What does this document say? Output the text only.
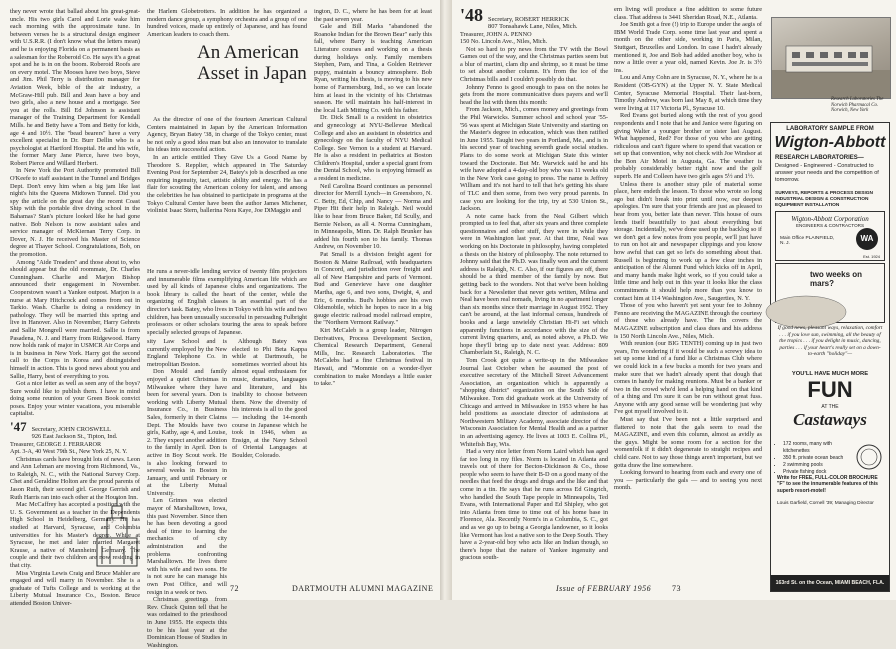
they never wrote that ballad about his great-great-uncle. His two girls Carol and Lorie wake him each morning with the approximate tune. In between verses he is a structural design engineer with U.S.R.R. (I don't know what the letters mean) and he is enjoying Florida on a permanent basis as a salesman for the Roberoid Co. He says it's a great spot and he is in on the boom. Roberoid Roofs are on every motel. The Mooses have two boys, Steve and Jim. Phil Terry is distribution manager for Aviation Week, bible of the air industry, a McGraw-Hill pub. Bill and Jean have a boy and two girls, also a new house and a mortgage. See you at the rolls. Bill Ed Johnson is assistant manager of the Training Department for Kendall Mills. he and Betty have a Tom and Betty for kids, age 4 and 10½. The "bead bearers" have a very excellent specialist in Dr. Burr Dellin who is a psychologist at Hartford Hospital. He and his wife, the former Mary Jane Pierce, have two boys, Robert Pierce and Willard Herbert.

In New York the Port Authority promoted Bill O'Keefe to staff assistant in the Tunnel and Bridges Dept. Don't envy him when a big jam like last night's hits the Queens Midtown Tunnel. Did you spy the article on the great day the recent Coast Ship with the portable dive diving school in the Bahamas? Stan's picture looked like he had gone native. Bob Nelson is now assistant sales and service manager of McKiernan Terry Corp. in Dover, N. J. He received his Master of Science degree at Thayer School. Congratulations, Bob, on the promotion.

Among "Aide Treaders" and those about to, who should appear but the old roommate, Dr. Charles Cunningham. Charlie and Marjon Bishop announced their engagement in November. Cooperstown wasn't a Yankee outpost. Marjon is a nurse at Mary Hitchcock and comes from out in Tarkio. Wash. Charlie is doing a residency in pathology. They will be married this spring and live in Hanover. Also in November, Harry Gehrets and Sallie Mongrell were married. Sallie is from Pasadena, N. J. and Harry from Ridgewood. Harry now holds rank of major in USMCR Air Corps and is in business in New York. Harry got the second call to the Corps in Korea and distinguished himself in action. This is good news about you and Sallie, Harry, best of everything to you.

Got a nice letter as well as seen any of the boys? Sure would like to publish them. I have in mind doing some reunion of your Green Book convict poses. Enjoy your winter vacations, you miserable capitalist.

'47 Secretary, JOHN CROSWELL
926 East Jackson St., Tipton, Ind.

Treasurer, GEORGE J. FERRAROR

Apt. 3-A, 40 West 79th St., New York 25, N. Y.

Christmas cards have brought lots of news. Leon and Ann Lehman are moving from Richmond, Va., to Raleigh, N. C., with the National Survey Corp. Chet and Geraldine Holton are the proud parents of Jason Ruth, their second girl. George Gerrish and Ruth Harris ran into each other at the Houston Inn.

Mac McCaffrey has accepted a position with the U. S. Government as a teacher in the Dependents High School in Heidelberg, Germany. He has studied at Harvard, Syracuse, and Columbia universities for his Master's degree. While at Syracuse, he met and later married Margaret Krause, a native of Mannheim, Germany. The couple and their two children are now residing in that city.

Miss Virginia Lewis Craig and Bruce Mahler are engaged and will marry in November. She is a graduate of Tufts College and is working at the Liberty Mutual Insurance Co., Boston. Bruce attended Boston Univer-

the Harlem Globetrotters. In addition he has organized a modern dance group, a symphony orchestra and a group of one hundred voices, made up entirely of Japanese, and has found American leaders to coach them.

An American Asset in Japan

As the director of one of the fourteen American Cultural Centers maintained in Japan by the American Information Agency, Bryan Batey '38, in charge of the Tokyo center, must be not only a good idea man but also an innovator to translate his ideas into successful action.

In an article entitled They Give Us a Good Name by Theodore S. Repplier, which appeared in The Saturday Evening Post for September 24, Batey's job is described as one requiring ingenuity, tact, artistic ability and energy. He has a flair for scouting the American colony for talent, and among the celebrities he has obtained to participate in programs at the Tokyo Cultural Center have been the author James Michener, violinist Isaac Stern, ballerina Nora Kaye, Joe DiMaggio and

He runs a never-idle lending service of twenty film projectors and innumerable films exemplifying American life which are used by all kinds of Japanese clubs and organizations. The book library is called the heart of the center, while the organizing of English classes is an essential part of the director's task. Batey, who lives in Tokyo with his wife and two children, has been unusually successful in persuading Fulbright professors or other scholars touring the area to speak before specially selected groups of Japanese.

sity Law School and is currently employed by the New England Telephone Co. in metropolitan Boston.

Don Mould and family enjoyed a quiet Christmas in Milwaukee where they have been for several years. Don is working with Liberty Mutual Insurance Co., in Business Sales, formerly in their Claims Dept. The Moulds have two girls, Kathy, age 4, and Louise, 2. They expect another addition to the family in April. Don is active in Boy Scout work. He is also looking forward to several weeks in Boston in January, and until February or at the Liberty Mutual University.

Len Grimes was elected mayor of Marshalltown, Iowa, this past November. Since then he has been devoting a good deal of time to learning the mechanics of city administration and the problems confronting Marshalltown. He lives there with his wife and two sons. He is not sure he can manage his own Post Office, and will resign in a week or two.

Christmas greetings from Rev. Chuck Quinn tell that he was ordained to the priesthood in June 1955. He expects this to be his last year at the Dominican House of Studies in Washington.

Although Batey was elected to Phi Beta Kappa while at Dartmouth, he sometimes worried about his almost equal enthusiasm for music, dramatics, languages and literature, and his inability to choose between them. Now the diversity of his interests is all to the good — including the 14-month course in Japanese which he took in 1946, when as Ensign, at the Navy School of Oriental Languages at Boulder, Colorado.

ington, D. C., where he has been for at least the past seven year.

Gale and Bill Marks "abandoned the Roanoke Indian for the Brown Bear" early this fall, where Barry is teaching American Literature courses and working on a thesis during holidays only. Family members Stephen, Pam, and Tina, a Golden Retriever puppy, maintain a bouncy atmosphere. Bob Ryan, writing his thesis, is moving to his new home of Farmersburg, Ind., so we can locate him at least in the vicinity of his Christmas season. He will maintain his half-interest in the local Lath Mitting Co. with his father.

Dr. Dick Small is a resident in obstetrics and gynecology at NYU-Bellevue Medical College and also an assistant in obstetrics and gynecology on the faculty of NYU Medical College. See Vernon is a student at Harvard. He is also a resident in pediatrics at Boston Children's Hospital, under a special grant from the Dental School, who is enjoying himself as a resident in medicine.

Neil Carolina Board continues as personnel director for Merrill Lynch—in Greensboro, N. C. Betty, Ed, Chip, and Nancy — Norma and Piper Hit their help in Raleigh. Neil would like to hear from Bruce Baker, Ed Scully, and Bernie Nelson, as all 4. Norma Cunningham, in Minneapolis, Minn. Dr. Ralph Brunker has added his fourth son to his family. Thomas Andrew, on November 10.

Pat Small is a division freight agent for Boston & Maine Railroad, with headquarters in Concord, and jurisdiction over freight and all of New Hampshire and parts of Vermont. Bud and Genevieve have one daughter Martha, age 6, and two sons, Dwight, 4, and Eric, 6 months. Bud's hobbies are his own Oldsmobile, which he hopes to race in a big gauge electric railroad model railroad empire, the "Northern Vermont Railway."

Kirt McCaleb is a group leader, Nitrogen Derivatives, Process Development Section, Chemical Research Department, General Mills, Inc. Research Laboratories. The McCalebs had a fine Christmas festival in Hawaii, and "Mommie on a wonder-flyer combination to make Mondays a little easier to take."

72	DARTMOUTH ALUMNI MAGAZINE
'48 Secretary, ROBERT HERRICK
807 Tonsahawk Lane, Niles, Mich.

Treasurer, JOHN A. PENNO

150 No. Lincoln Ave., Niles, Mich.

Not so hard to pry news from the TV with the Bowl Games out of the way, and the Christmas parties seem but a blur of martini, clam dip and shrimp, so it must be time to set about another column. It's from the ice of the Christmas bills and I couldn't possibly do that.

Johnny Fenno is good enough to pass on the notes he gets from the more communicative dues payers and we'll head the list with them this month:

From Jackson, Mich., comes money and greetings from the Phil Warwicks. Summer school and school year '55-'56 was spent at Michigan State University and starting on the Master's degree in education, which was then ratified in June 1955. Taught two years in Portland, Me., and is in his second year of teaching seventh grade social studies. Plans to do some work at Michigan State this winter toward the Doctorate. But Mr. Warwick said he and his wife have adopted a 4-day-old boy who was 11 weeks old in the New York case going to press. The name is Jeffrey William and it's not hard to tell that he's getting his share of TLC and then some, from two very proud parents. In case you are looking for the trip, try at 530 Union St., Jackson.

A note came back from the Neal Gilbert which prompted us to feel that, after six years and three complete questionnaires and other stuff, they were in while they were in Washington last year. At that time, Neal was working on his Doctorate in philosophy, having completed a thesis on the history of philosophy. The note returned to Johnny said that the Ph.D. was finally won and the current address is Raleigh, N. C. Also, if our figures are off, there should be a third member of the family by now. But getting back to the wonders. Not that we've been holding back for a Newsletter that never gets written, Milma and Neal have been real nomads, living in no apartment longer than six months since their marriage in August 1952. They can't be around, at the last informal census, hundreds of books and a large unwieldy Christian Hi-Fi set which apparently functions in accordance with the size of the current living quarters, and, as noted above, a Ph.D. We hope they'll bring up to date next year. Address: 809 Chamberlain St., Raleigh, N. C.

Tom Crook got quite a write-up in the Milwaukee Journal last October when he assumed the post of executive secretary of the Mitchell Street Advancement Association, an organization which is apparently a "shopping district" organization on the South Side of Milwaukee. Tom did graduate work at the University of Chicago and arrived in Milwaukee in 1953 where he has held positions as associate director of admissions at Northwestern Military Academy, associate director of the Wisconsin Association for Mental Health and as a partner in an advertising agency. He lives at 1003 E. Collins Pl., Whitefish Bay, Wis.

Had a very nice letter from Norm Laird which has aged far too long in my files. Norm is located in Atlanta and travels out of there for Becton-Dickinson & Co., those people who seem to have their B-D on a good many of the needles that feed the drugs and drugs and the like and that come in a tin. He says that he runs across Ed Gingrich, who handled the South Tape people in Minneapolis, Ted Evans, with International Paper and Ed Shipley, who got into Atlanta from time to time out of his home base in Florence, Ala. Recently Norm's in a Columbia, S. C., got and as we go up to being a Georgia landowner, so it looks like Vermont has lost a native son to the Deep South. They have a 2-year-old boy who acts like an Indian though, so there's hope that the nature of Yankee ingenuity and gracious south-

ern living will produce a fine addition to some future class. That address is 3441 Sheridan Road, N.E., Atlanta.

Joe Smith got a free (!) trip to Europe under the aegis of IBM World Trade Corp. some time last year and spent a month on the other side, working in Paris, Milan, Stuttgart, Bruxelles and London. In case I hadn't already mentioned it, Joe and Bob had added another boy, who is now a little over a year old, named Kevin. Joe Jr. is 3½ ins.

Lou and Amy Cohn are in Syracuse, N. Y., where he is a Resident (OB-GYN) at the Upper N. Y. State Medical Center, Syracuse Memorial Hospital. Their last-born, Timothy Andrew, was born last May 8, at which time they were living at 117 Victoria Pl., Syracuse 10.

Red Evans got buried along with the rest of you good respondents and I note that he and Janice were figuring on giving Walter a younger brother or sister last August. What happened, Red? For those of you who are getting ridiculous and can't figure where to spend that vacation or set up that convention, why not check with Joe Windsor at the Bon Air Motel in Augusta, Ga. The weather is probably considerably better right now and the golf superb. He and Colleen have two girls ages 5½ and 1½.

Unless there is another stray pile of material some place, here endeth the lesson. To those who wrote so long ago but didn't break into print until now, our deepest apologies. I'm sure that your friends are just as pleased to hear from you, better late than never. This house of ours lends itself beautifully to just about everything but storage. Incidentally, we've done used up the backlog so if we don't get a few notes from you people, we'll just have to run on hot air and newspaper clippings and you know how awful that can get so let's do something about that. Russell is beginning to work up a few clear inches in anticipation of the Alumni Fund which kicks off in April, and many hands make light work, so if you could take a little time and help out in this year it looks like the class commitments it should help more than you know to contact him at 114 Washington Ave., Saugerties, N. Y.

Those of you who haven't yet sent your fee to Johnny Fenno are receiving the MAGAZINE through the courtesy of those who already have. The fin covers the MAGAZINE subscription and class dues and his address is 150 North Lincoln Ave., Niles, Mich.

With reunion (our BIG TENTH) coming up in just two years, I'm wondering if it would be such a screwy idea to set up some kind of a fund like a Christmas Club where we could kick in a few bucks a month for two years and make sure that we hadn't already spent that dough that comes in handy for making reunions. Must be a banker or two in the crowd who'd lend a helping hand on that kind of a thing and I'm sure it can be run without great fuss. Anyone with any good sense will be wondering just why I've got myself involved to it.

Must say that I've been not a little surprised and flattered to note that the gals seem to read the MAGAZINE, and even this column, almost as avidly as the guys. Might be some room for a section for the womenfolk if it didn't degenerate to straight recipes and child care. Not to say those things aren't important, but we gotta draw the line somewhere.

Looking forward to hearing from each and every one of you — particularly the gals — and to seeing you next month.

Research Laboratories The Norwich Pharmacal Co. Norwich, New York
LABORATORY SAMPLE FROM
Wigton-Abbott
RESEARCH LABORATORIES—
Designed - Engineered - Constructed to answer your needs and the competition of tomorrow.
SURVEYS, REPORTS & PROCESS DESIGN INDUSTRIAL DESIGN & CONSTRUCTION EQUIPMENT INSTALLATION
Wigton-Abbott Corporation
ENGINEERS & CONTRACTORS
Main Office PLAINFIELD, N. J.
WA
Est. 1924
two weeks on mars?
If good news, pleasant ways, relaxation, comfort . . . if you love sun, swimming, all the beauty of the tropics . . . if you delight in music, dancing, parties . . . if your heart's really set on a down-to-earth "holiday"—
YOU'LL HAVE MUCH MORE
FUN
AT THE
Castaways
• 172 rooms, many with kitchenettes
• 350 ft. private ocean beach
• 2 swimming pools
• Private fishing dock
Write for FREE, FULL-COLOR BROCHURE "F" to see the innumerable features of this superb resort-motel!
Louis Garfield, Cornell '39; Managing Director
163rd St. on the Ocean, MIAMI BEACH, FLA.
Issue of FEBRUARY 1956	73
